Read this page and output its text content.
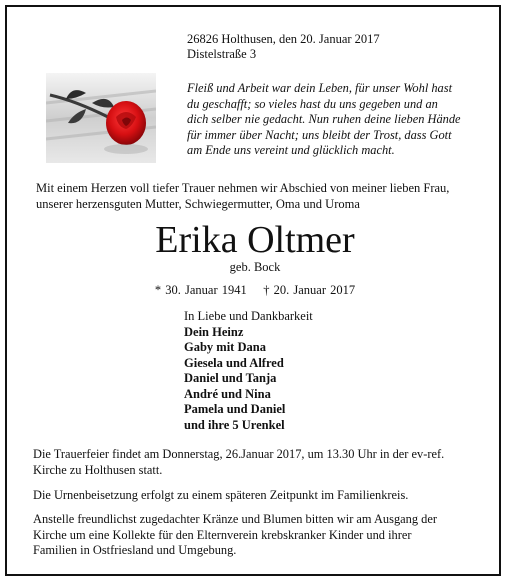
26826 Holthusen, den 20. Januar 2017
Distelstraße 3
Fleiß und Arbeit war dein Leben, für unser Wohl hast
du geschafft; so vieles hast du uns gegeben und an
dich selber nie gedacht. Nun ruhen deine lieben Hände
für immer über Nacht; uns bleibt der Trost, dass Gott
am Ende uns vereint und glücklich macht.
Mit einem Herzen voll tiefer Trauer nehmen wir Abschied von meiner lieben Frau,
unserer herzensguten Mutter, Schwiegermutter, Oma und Uroma
Erika Oltmer
geb. Bock
* 30. Januar 1941 † 20. Januar 2017
In Liebe und Dankbarkeit
Dein Heinz
Gaby mit Dana
Giesela und Alfred
Daniel und Tanja
André und Nina
Pamela und Daniel
und ihre 5 Urenkel
Die Trauerfeier findet am Donnerstag, 26.Januar 2017, um 13.30 Uhr in der ev-ref.
Kirche zu Holthusen statt.
Die Urnenbeisetzung erfolgt zu einem späteren Zeitpunkt im Familienkreis.
Anstelle freundlichst zugedachter Kränze und Blumen bitten wir am Ausgang der
Kirche um eine Kollekte für den Elternverein krebskranker Kinder und ihrer
Familien in Ostfriesland und Umgebung.
